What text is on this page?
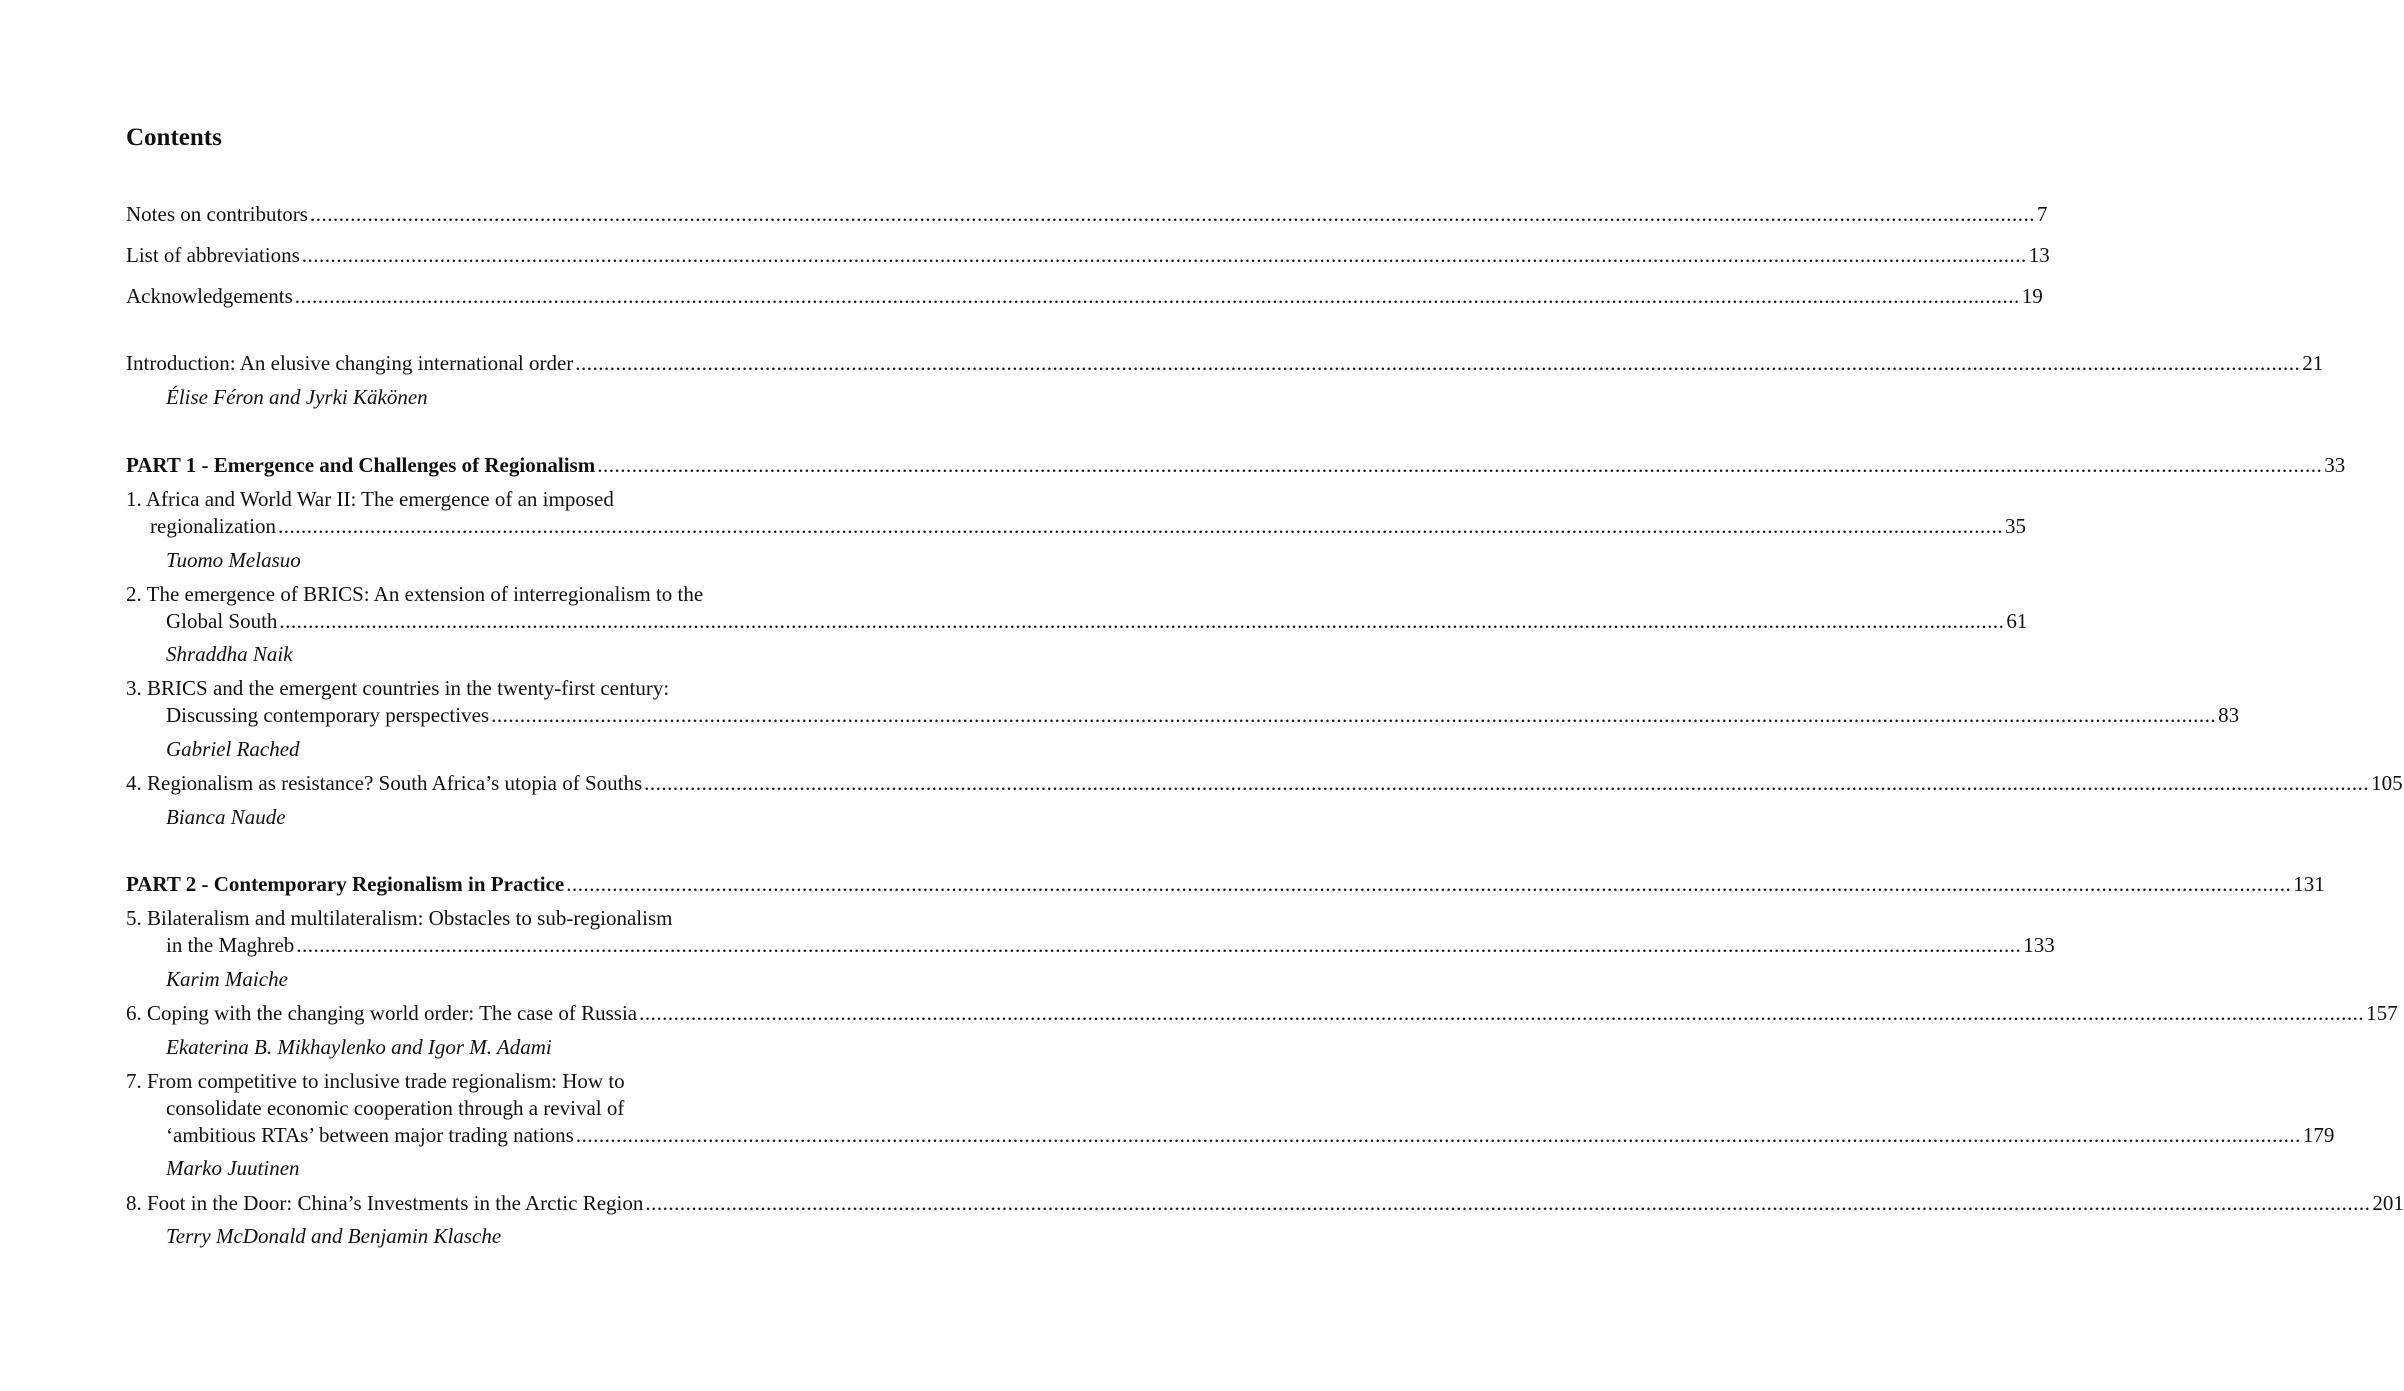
Contents
Notes on contributors ............................................................................................................................................................................................................................................................................................................ 7
List of abbreviations ............................................................................................................................................................................................................................................................................................................ 13
Acknowledgements ............................................................................................................................................................................................................................................................................................................ 19
Introduction: An elusive changing international order ............................................................................................................................................................................................................................................................................................................ 21
Élise Féron and Jyrki Käkönen
PART 1 - Emergence and Challenges of Regionalism ............................................................................................................................................................................................................................................................................................................ 33
1. Africa and World War II: The emergence of an imposed
regionalization ............................................................................................................................................................................................................................................................................................................ 35
Tuomo Melasuo
2. The emergence of BRICS: An extension of interregionalism to the
Global South ............................................................................................................................................................................................................................................................................................................ 61
Shraddha Naik
3. BRICS and the emergent countries in the twenty-first century:
Discussing contemporary perspectives ............................................................................................................................................................................................................................................................................................................ 83
Gabriel Rached
4. Regionalism as resistance? South Africa’s utopia of Souths ............................................................................................................................................................................................................................................................................................................ 105
Bianca Naude
PART 2 - Contemporary Regionalism in Practice ............................................................................................................................................................................................................................................................................................................ 131
5. Bilateralism and multilateralism: Obstacles to sub-regionalism
in the Maghreb ............................................................................................................................................................................................................................................................................................................ 133
Karim Maiche
6. Coping with the changing world order: The case of Russia ............................................................................................................................................................................................................................................................................................................ 157
Ekaterina B. Mikhaylenko and Igor M. Adami
7. From competitive to inclusive trade regionalism: How to
consolidate economic cooperation through a revival of
‘ambitious RTAs’ between major trading nations ............................................................................................................................................................................................................................................................................................................ 179
Marko Juutinen
8. Foot in the Door: China’s Investments in the Arctic Region ............................................................................................................................................................................................................................................................................................................ 201
Terry McDonald and Benjamin Klasche
